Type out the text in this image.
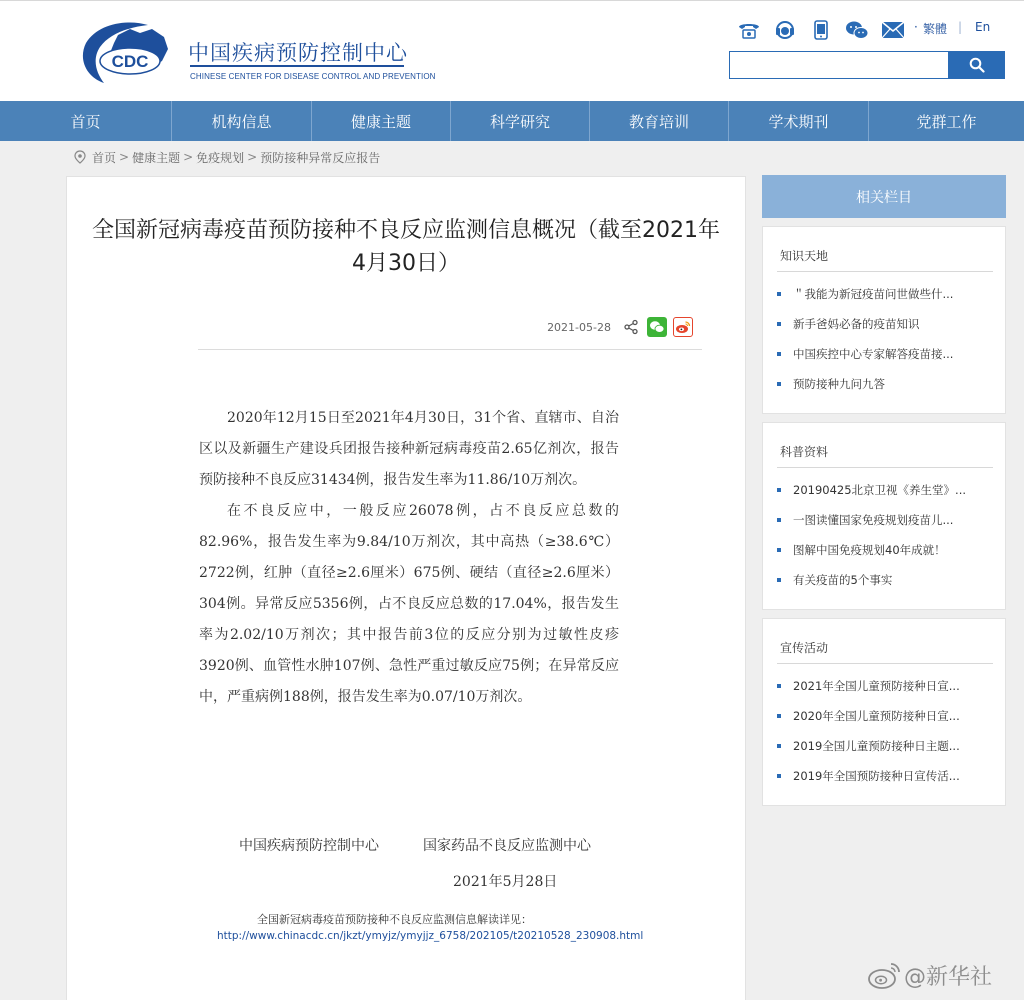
CDC 中国疾病预防控制中心
CHINESE CENTER FOR DISEASE CONTROL AND PREVENTION
· 繁體 | En
首页	机构信息	健康主题	科学研究	教育培训	学术期刊	党群工作
首页 > 健康主题 > 免疫规划 > 预防接种异常反应报告
全国新冠病毒疫苗预防接种不良反应监测信息概况（截至2021年4月30日）
2021-05-28

2020年12月15日至2021年4月30日，31个省、直辖市、自治区以及新疆生产建设兵团报告接种新冠病毒疫苗2.65亿剂次，报告预防接种不良反应31434例，报告发生率为11.86/10万剂次。

在不良反应中，一般反应26078例，占不良反应总数的82.96%，报告发生率为9.84/10万剂次，其中高热（≥38.6℃）2722例，红肿（直径≥2.6厘米）675例、硬结（直径≥2.6厘米）304例。异常反应5356例，占不良反应总数的17.04%，报告发生率为2.02/10万剂次；其中报告前3位的反应分别为过敏性皮疹3920例、血管性水肿107例、急性严重过敏反应75例；在异常反应中，严重病例188例，报告发生率为0.07/10万剂次。

中国疾病预防控制中心	国家药品不良反应监测中心
2021年5月28日
全国新冠病毒疫苗预防接种不良反应监测信息解读详见：
http://www.chinacdc.cn/jkzt/ymyjz/ymyjjz_6758/202105/t20210528_230908.html
相关栏目
知识天地
＂我能为新冠疫苗问世做些什...
新手爸妈必备的疫苗知识
中国疾控中心专家解答疫苗接...
预防接种九问九答
科普资料
20190425北京卫视《养生堂》...
一图读懂国家免疫规划疫苗儿...
图解中国免疫规划40年成就！
有关疫苗的5个事实
宣传活动
2021年全国儿童预防接种日宣...
2020年全国儿童预防接种日宣...
2019全国儿童预防接种日主题...
2019年全国预防接种日宣传活...
@新华社
